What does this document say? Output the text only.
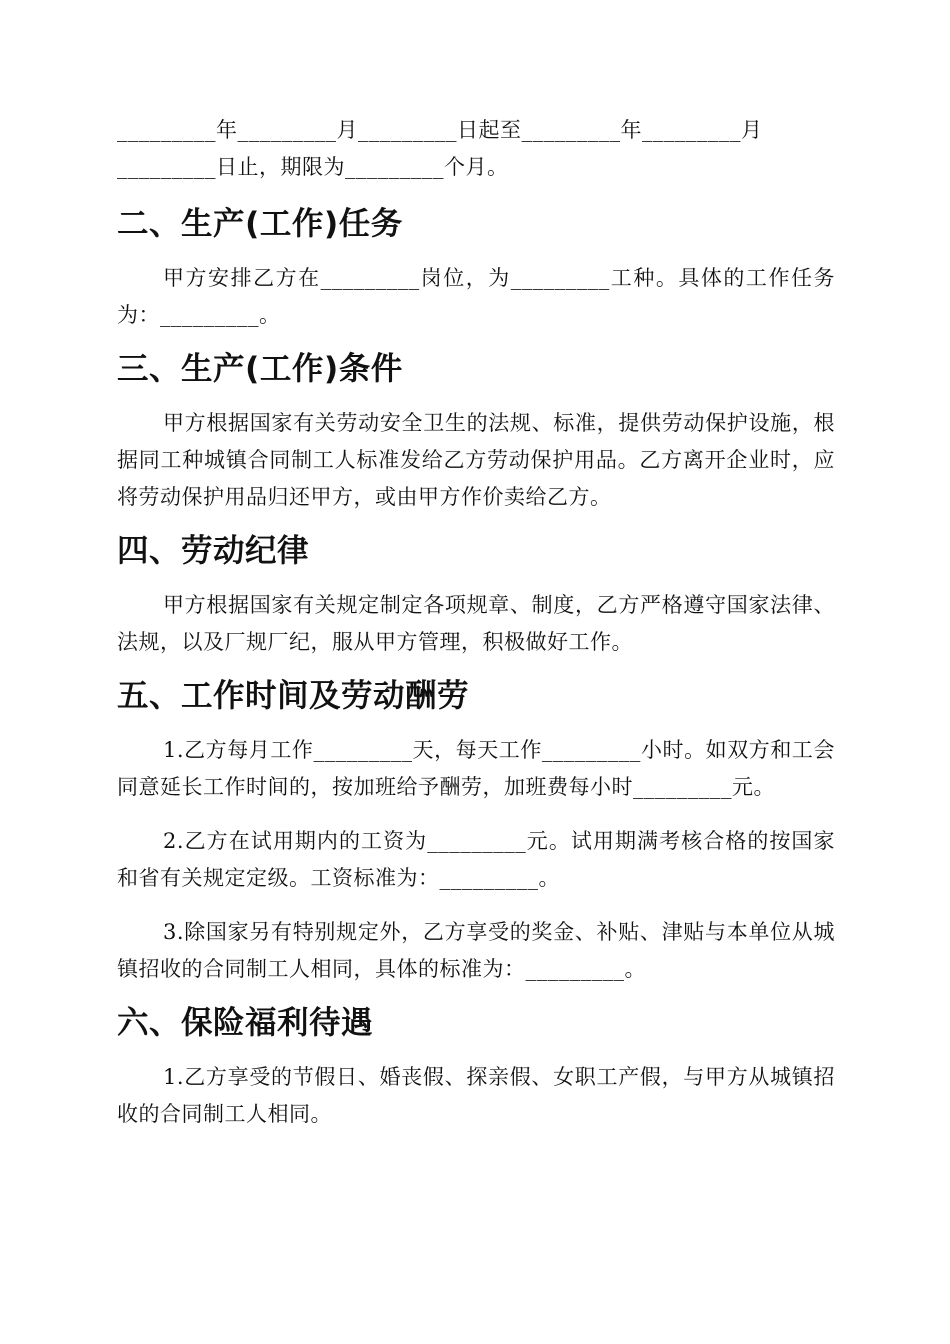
_________年_________月_________日起至_________年_________月
_________日止，期限为_________个月。

二、生产(工作)任务

甲方安排乙方在_________岗位，为_________工种。具体的工作任务为：_________。

三、生产(工作)条件

甲方根据国家有关劳动安全卫生的法规、标准，提供劳动保护设施，根据同工种城镇合同制工人标准发给乙方劳动保护用品。乙方离开企业时，应将劳动保护用品归还甲方，或由甲方作价卖给乙方。

四、劳动纪律

甲方根据国家有关规定制定各项规章、制度，乙方严格遵守国家法律、法规，以及厂规厂纪，服从甲方管理，积极做好工作。

五、工作时间及劳动酬劳

1.乙方每月工作_________天，每天工作_________小时。如双方和工会同意延长工作时间的，按加班给予酬劳，加班费每小时_________元。

2.乙方在试用期内的工资为_________元。试用期满考核合格的按国家和省有关规定定级。工资标准为：_________。

3.除国家另有特别规定外，乙方享受的奖金、补贴、津贴与本单位从城镇招收的合同制工人相同，具体的标准为：_________。

六、保险福利待遇

1.乙方享受的节假日、婚丧假、探亲假、女职工产假，与甲方从城镇招收的合同制工人相同。
